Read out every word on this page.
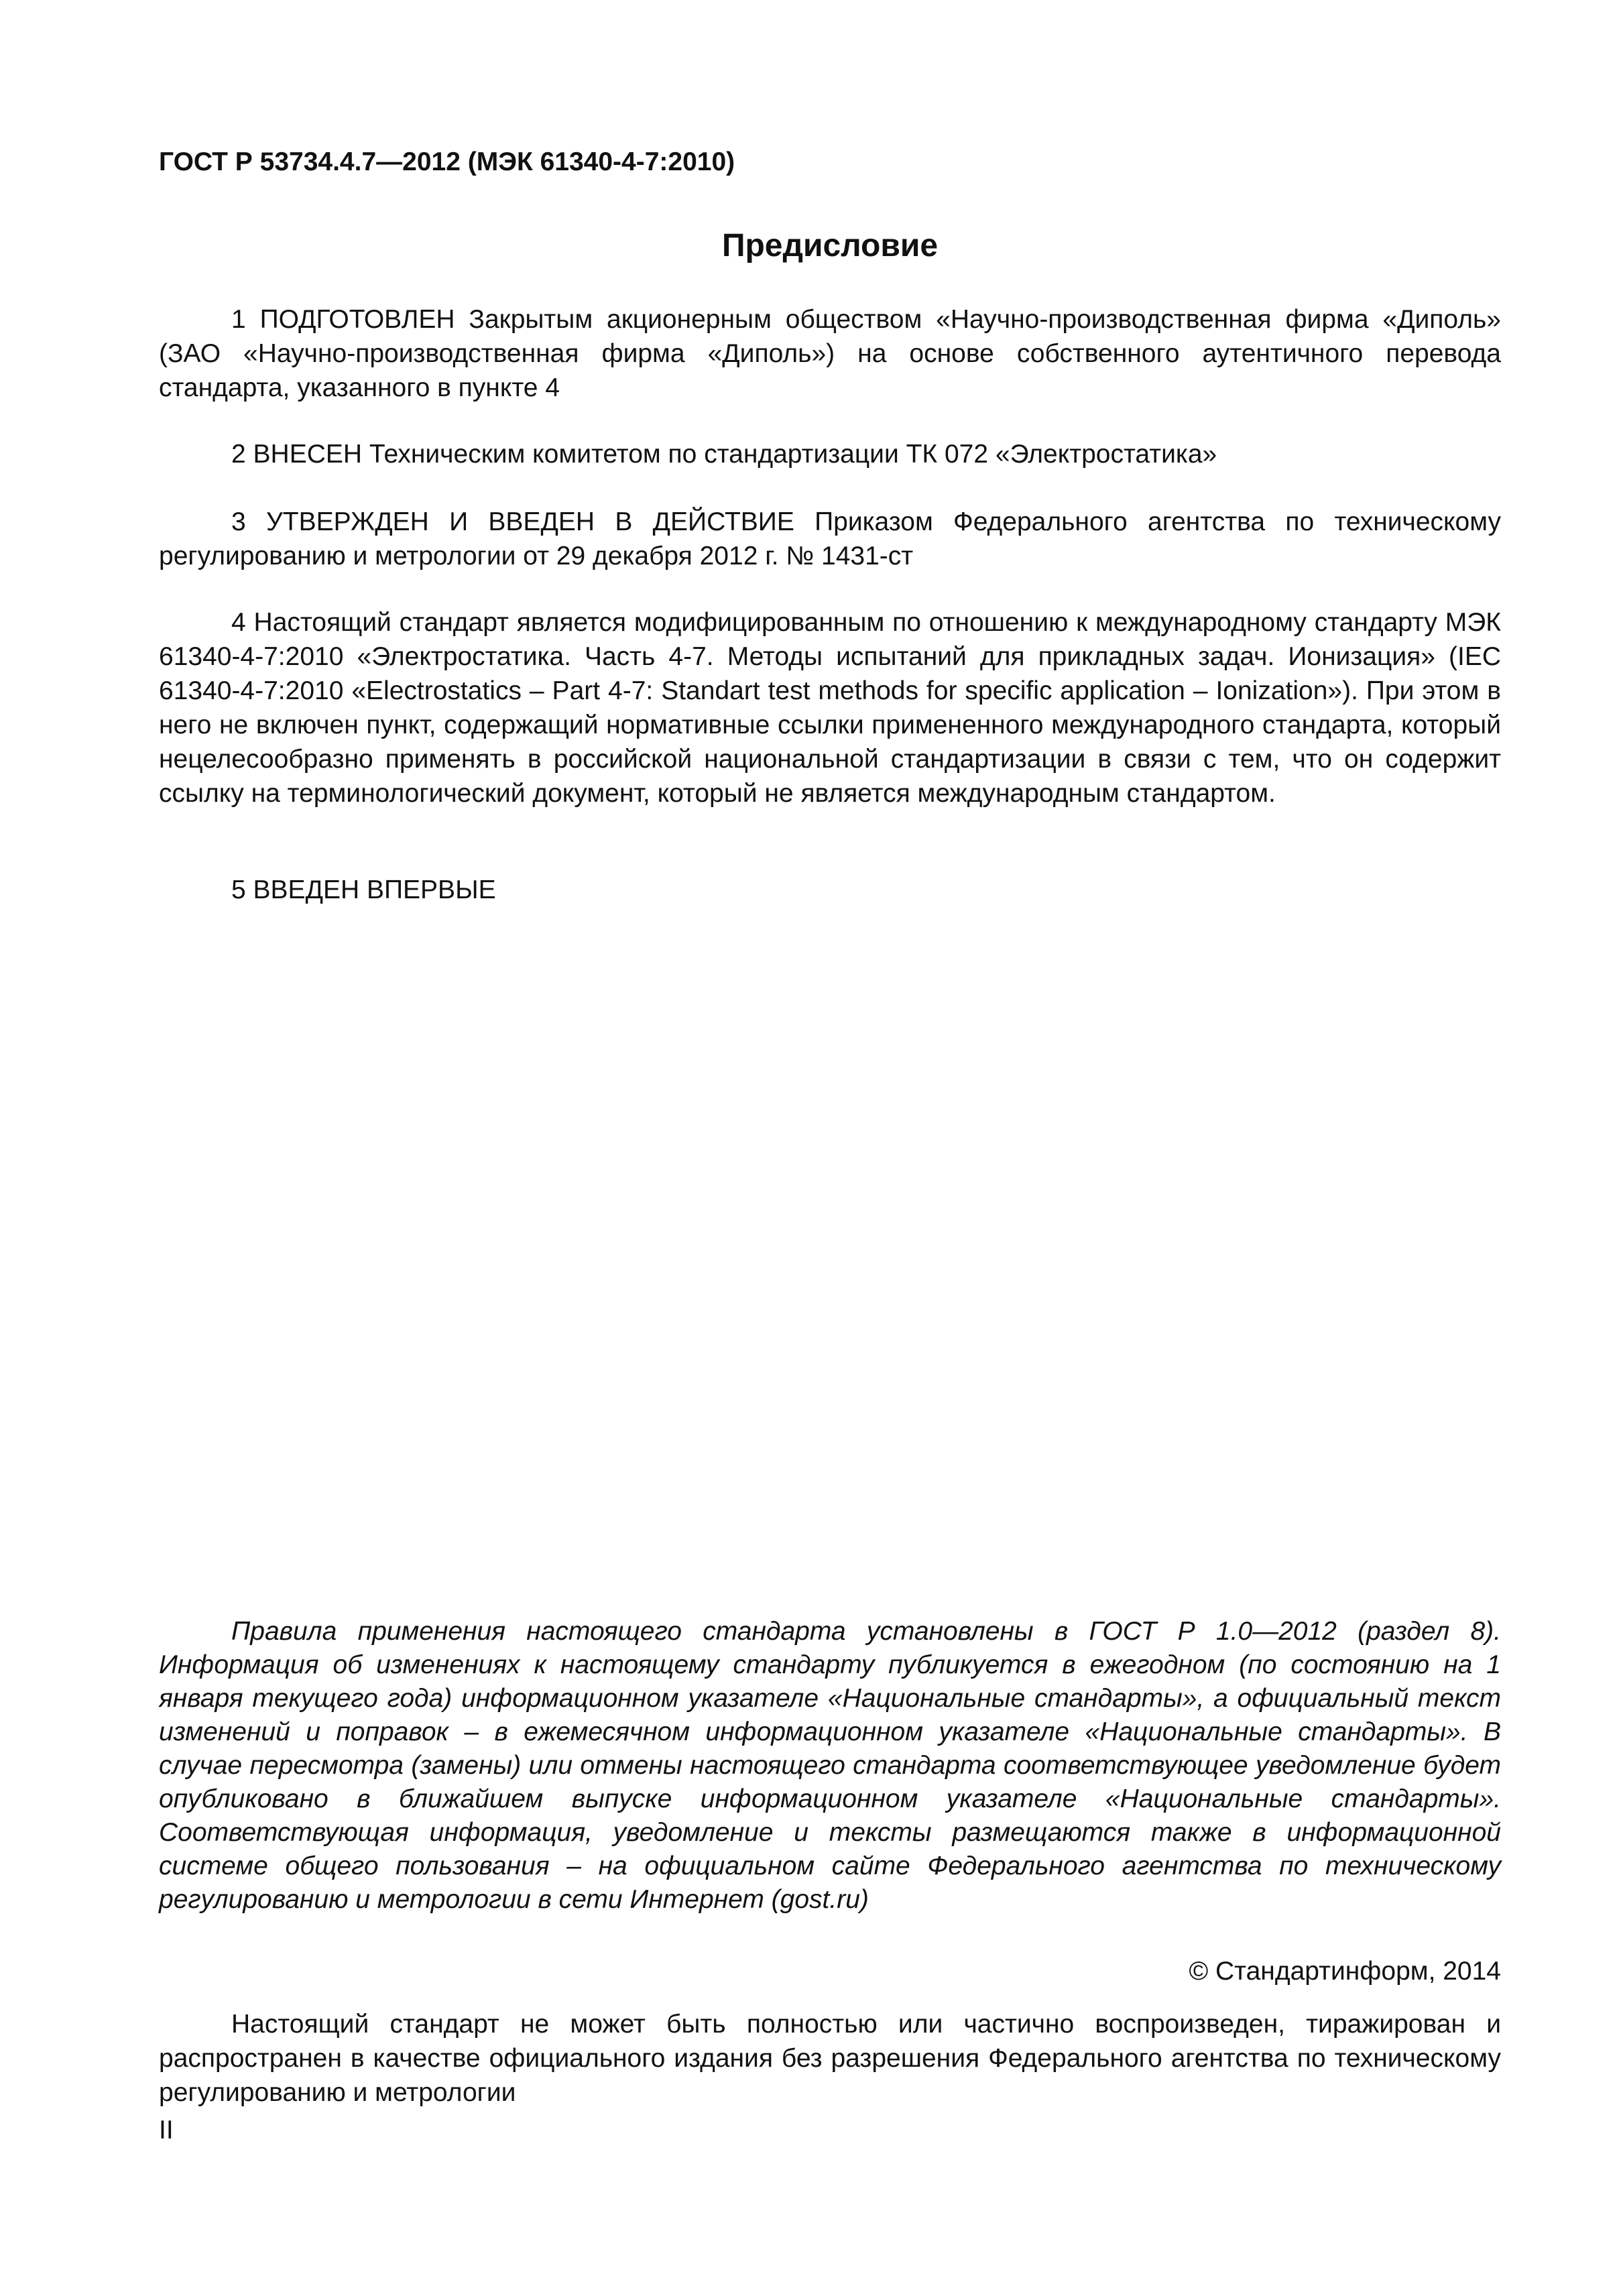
ГОСТ Р 53734.4.7—2012 (МЭК 61340-4-7:2010)
Предисловие

1 ПОДГОТОВЛЕН Закрытым акционерным обществом «Научно-производственная фирма «Диполь» (ЗАО «Научно-производственная фирма «Диполь») на основе собственного аутентичного перевода стандарта, указанного в пункте 4

2 ВНЕСЕН Техническим комитетом по стандартизации ТК 072 «Электростатика»

3 УТВЕРЖДЕН И ВВЕДЕН В ДЕЙСТВИЕ Приказом Федерального агентства по техническому регулированию и метрологии от 29 декабря 2012 г. № 1431-ст

4 Настоящий стандарт является модифицированным по отношению к международному стандарту МЭК 61340-4-7:2010 «Электростатика. Часть 4-7. Методы испытаний для прикладных задач. Ионизация» (IEC 61340-4-7:2010 «Electrostatics – Part 4-7: Standart test methods for specific application – Ionization»). При этом в него не включен пункт, содержащий нормативные ссылки примененного международного стандарта, который нецелесообразно применять в российской национальной стандартизации в связи с тем, что он содержит ссылку на терминологический документ, который не является международным стандартом.

5 ВВЕДЕН ВПЕРВЫЕ

Правила применения настоящего стандарта установлены в ГОСТ Р 1.0—2012 (раздел 8). Информация об изменениях к настоящему стандарту публикуется в ежегодном (по состоянию на 1 января текущего года) информационном указателе «Национальные стандарты», а официальный текст изменений и поправок – в ежемесячном информационном указателе «Национальные стандарты». В случае пересмотра (замены) или отмены настоящего стандарта соответствующее уведомление будет опубликовано в ближайшем выпуске информационном указателе «Национальные стандарты». Соответствующая информация, уведомление и тексты размещаются также в информационной системе общего пользования – на официальном сайте Федерального агентства по техническому регулированию и метрологии в сети Интернет (gost.ru)

© Стандартинформ, 2014

Настоящий стандарт не может быть полностью или частично воспроизведен, тиражирован и распространен в качестве официального издания без разрешения Федерального агентства по техническому регулированию и метрологии

II
